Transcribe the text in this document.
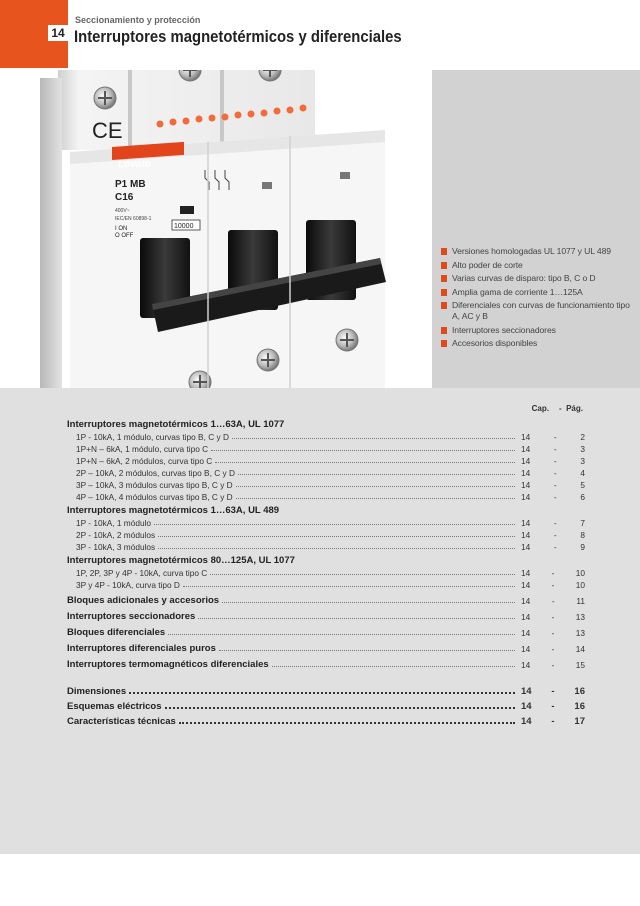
14
Seccionamiento y protección
Interruptores magnetotérmicos y diferenciales
CE
Lovato
P1 MB
C16
400V~
IEC/EN 60898-1
I ON
O OFF
10000
Versiones homologadas UL 1077 y UL 489
Alto poder de corte
Varias curvas de disparo: tipo B, C o D
Amplia gama de corriente 1…125A
Diferenciales con curvas de funcionamiento tipo A, AC y B
Interruptores seccionadores
Accesorios disponibles
Cap. - Pág.
Interruptores magnetotérmicos 1…63A, UL 1077
1P - 10kA, 1 módulo, curvas tipo B, C y D	14	-	2
1P+N – 6kA, 1 módulo, curva tipo C	14	-	3
1P+N – 6kA, 2 módulos, curva tipo C	14	-	3
2P – 10kA, 2 módulos, curvas tipo B, C y D	14	-	4
3P – 10kA, 3 módulos curvas tipo B, C y D	14	-	5
4P – 10kA, 4 módulos curvas tipo B, C y D	14	-	6
Interruptores magnetotérmicos 1…63A, UL 489
1P - 10kA, 1 módulo	14	-	7
2P - 10kA, 2 módulos	14	-	8
3P - 10kA, 3 módulos	14	-	9
Interruptores magnetotérmicos 80…125A, UL 1077
1P, 2P, 3P y 4P - 10kA, curva tipo C	14	-	10
3P y 4P - 10kA, curva tipo D	14	-	10
Bloques adicionales y accesorios	14	-	11
Interruptores seccionadores	14	-	13
Bloques diferenciales	14	-	13
Interruptores diferenciales puros	14	-	14
Interruptores termomagnéticos diferenciales	14	-	15
Dimensiones	14 - 16
Esquemas eléctricos	14 - 16
Características técnicas	14 - 17
